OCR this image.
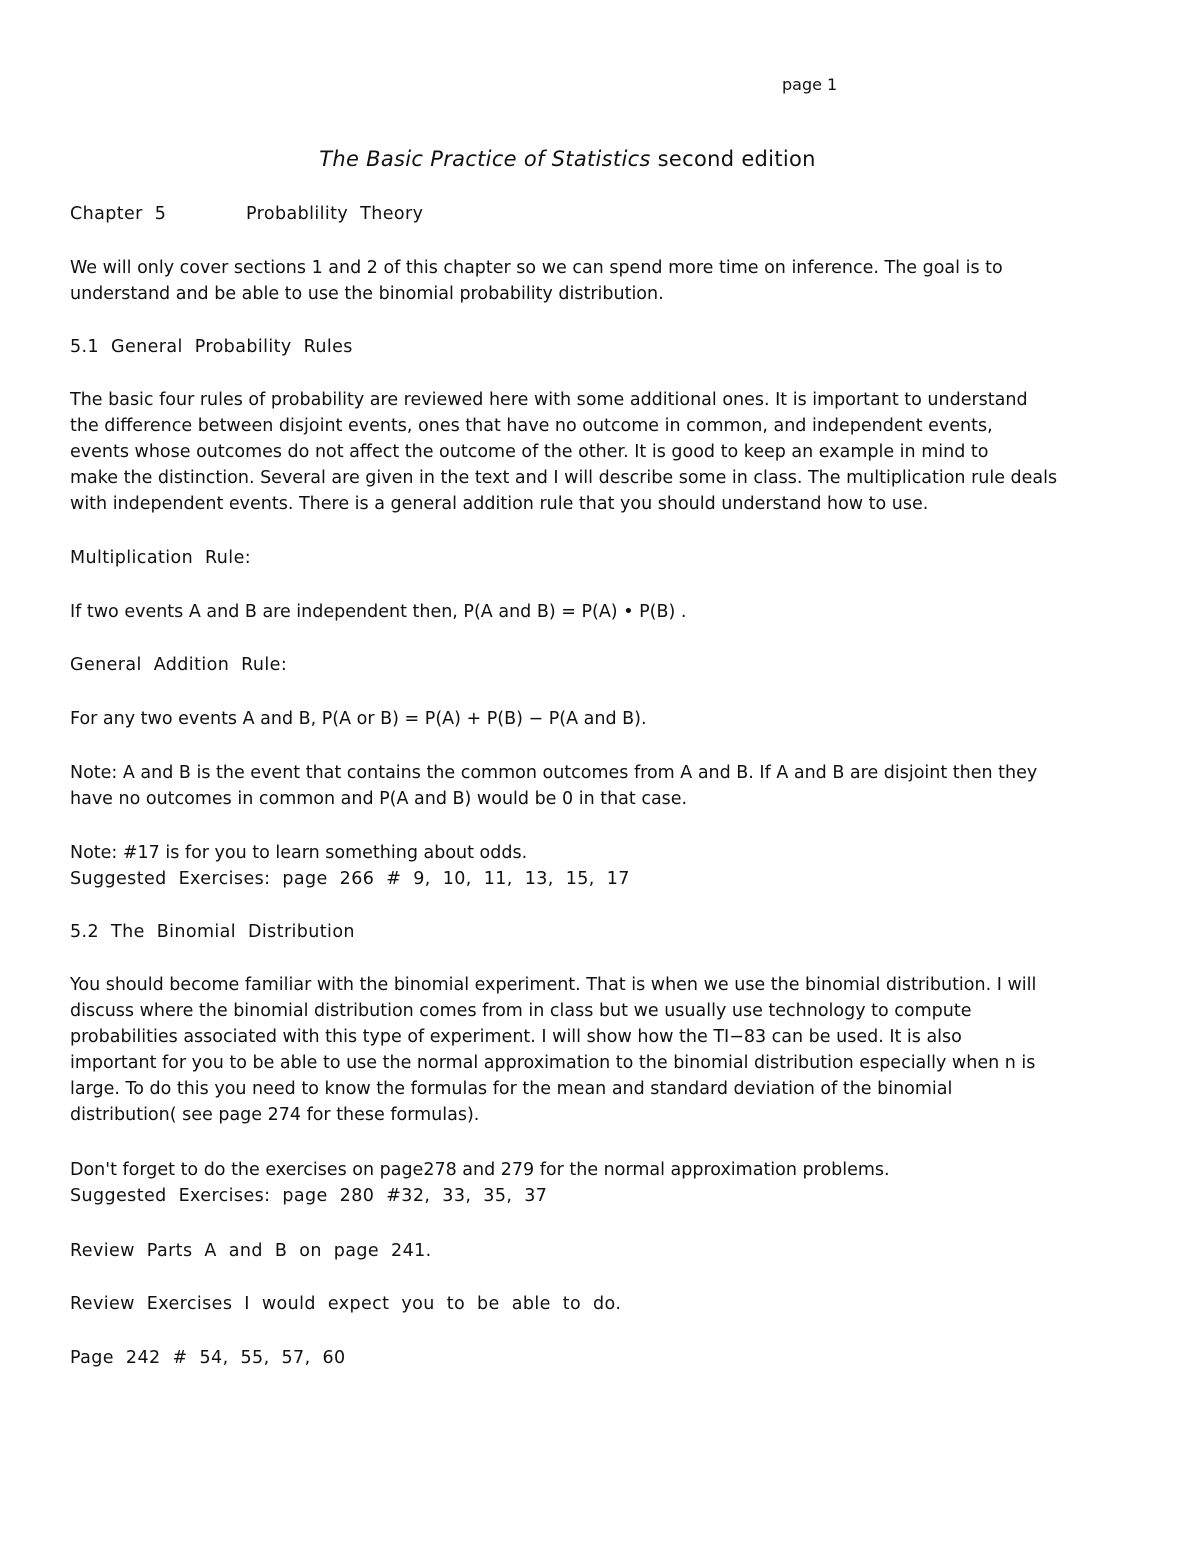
page 1

The Basic Practice of Statistics second edition

Chapter 5	Probablility Theory

We will only cover sections 1 and 2 of this chapter so we can spend more time on inference. The goal is to

understand and be able to use the binomial probability distribution.

5.1 General Probability Rules

The basic four rules of probability are reviewed here with some additional ones. It is important to understand

the difference between disjoint events, ones that have no outcome in common, and independent events,

events whose outcomes do not affect the outcome of the other. It is good to keep an example in mind to

make the distinction. Several are given in the text and I will describe some in class. The multiplication rule deals

with independent events. There is a general addition rule that you should understand how to use.

Multiplication Rule:

If two events A and B are independent then, P(A and B) = P(A) • P(B) .

General Addition Rule:

For any two events A and B, P(A or B) = P(A) + P(B) − P(A and B).

Note: A and B is the event that contains the common outcomes from A and B. If A and B are disjoint then they

have no outcomes in common and P(A and B) would be 0 in that case.

Note: #17 is for you to learn something about odds.

Suggested Exercises: page 266 # 9, 10, 11, 13, 15, 17

5.2 The Binomial Distribution

You should become familiar with the binomial experiment. That is when we use the binomial distribution. I will

discuss where the binomial distribution comes from in class but we usually use technology to compute

probabilities associated with this type of experiment. I will show how the TI−83 can be used. It is also

important for you to be able to use the normal approximation to the binomial distribution especially when n is

large. To do this you need to know the formulas for the mean and standard deviation of the binomial

distribution( see page 274 for these formulas).

Don't forget to do the exercises on page278 and 279 for the normal approximation problems.

Suggested Exercises: page 280 #32, 33, 35, 37

Review Parts A and B on page 241.

Review Exercises I would expect you to be able to do.

Page 242 # 54, 55, 57, 60
